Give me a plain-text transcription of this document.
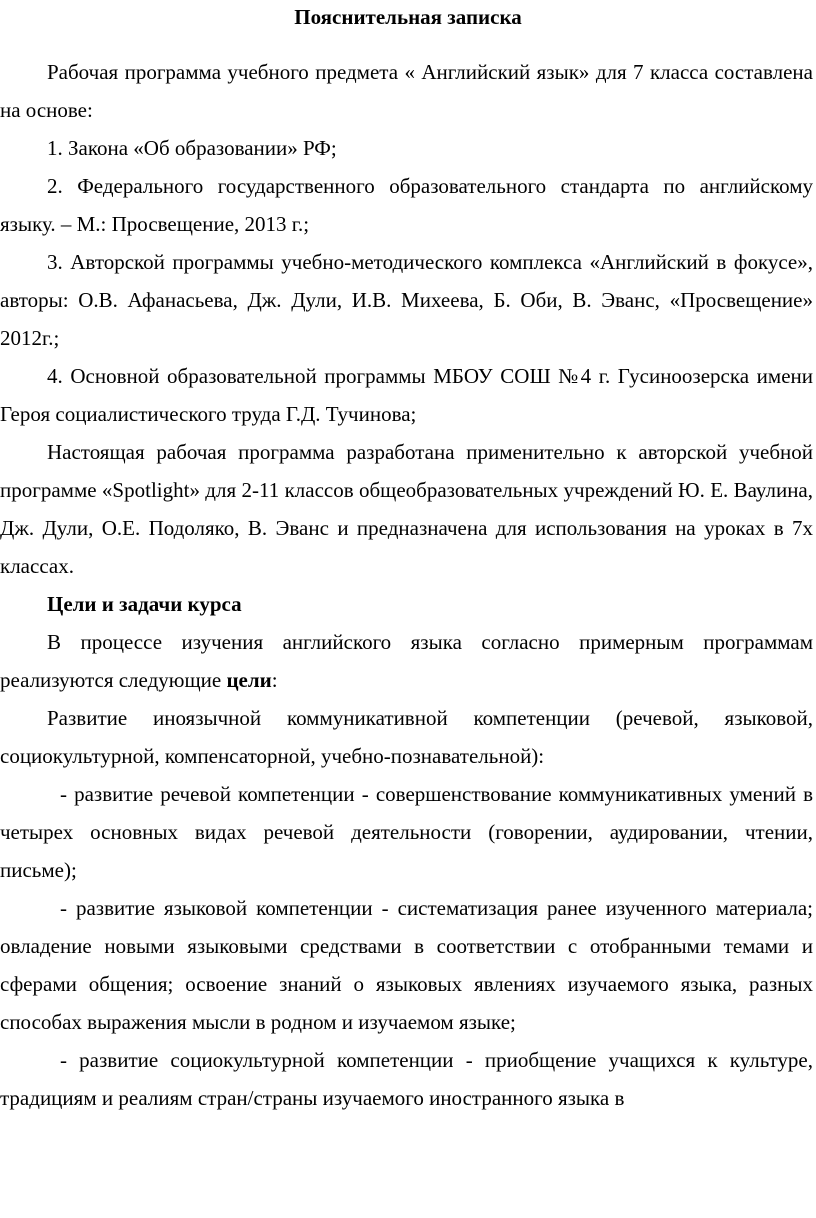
Пояснительная записка

Рабочая программа учебного предмета « Английский язык» для 7 класса составлена на основе:

1. Закона «Об образовании» РФ;

2. Федерального государственного образовательного стандарта по английскому языку. – М.: Просвещение, 2013 г.;

3. Авторской программы учебно-методического комплекса «Английский в фокусе», авторы: О.В. Афанасьева, Дж. Дули, И.В. Михеева, Б. Оби, В. Эванс, «Просвещение» 2012г.;

4. Основной образовательной программы МБОУ СОШ №4 г. Гусиноозерска имени Героя социалистического труда Г.Д. Тучинова;

Настоящая рабочая программа разработана применительно к авторской учебной программе «Spotlight» для 2-11 классов общеобразовательных учреждений Ю. Е. Ваулина, Дж. Дули, О.Е. Подоляко, В. Эванс и предназначена для использования на уроках в 7х классах.

Цели и задачи курса

В процессе изучения английского языка согласно примерным программам реализуются следующие цели:

Развитие иноязычной коммуникативной компетенции (речевой, языковой, социокультурной, компенсаторной, учебно-познавательной):

- развитие речевой компетенции - совершенствование коммуникативных умений в четырех основных видах речевой деятельности (говорении, аудировании, чтении, письме);

- развитие языковой компетенции - систематизация ранее изученного материала; овладение новыми языковыми средствами в соответствии с отобранными темами и сферами общения; освоение знаний о языковых явлениях изучаемого языка, разных способах выражения мысли в родном и изучаемом языке;

- развитие социокультурной компетенции - приобщение учащихся к культуре, традициям и реалиям стран/страны изучаемого иностранного языка в
